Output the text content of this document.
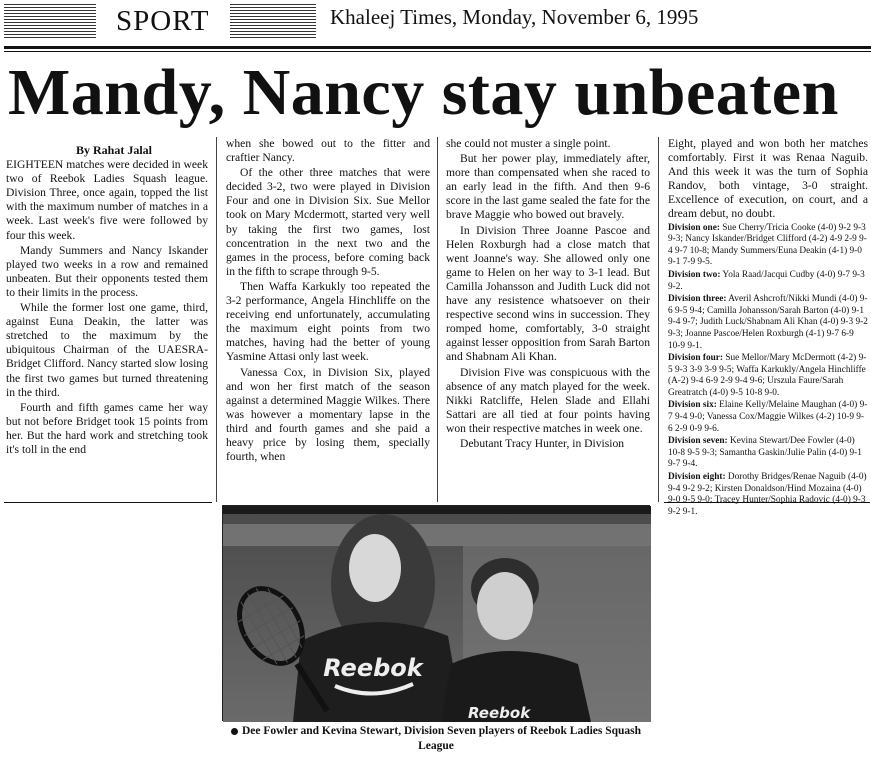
SPORT	Khaleej Times, Monday, November 6, 1995
Mandy, Nancy stay unbeaten

By Rahat Jalal

EIGHTEEN matches were decided in week two of Reebok Ladies Squash league. Division Three, once again, topped the list with the maximum number of matches in a week. Last week's five were followed by four this week.

Mandy Summers and Nancy Iskander played two weeks in a row and remained unbeaten. But their opponents tested them to their limits in the process.

While the former lost one game, third, against Euna Deakin, the latter was stretched to the maximum by the ubiquitous Chairman of the UAESRA-Bridget Clifford. Nancy started slow losing the first two games but turned threatening in the third.

Fourth and fifth games came her way but not before Bridget took 15 points from her. But the hard work and stretching took it's toll in the end

when she bowed out to the fitter and craftier Nancy.

Of the other three matches that were decided 3-2, two were played in Division Four and one in Division Six. Sue Mellor took on Mary Mcdermott, started very well by taking the first two games, lost concentration in the next two and the games in the process, before coming back in the fifth to scrape through 9-5.

Then Waffa Karkukly too repeated the 3-2 performance, Angela Hinchliffe on the receiving end unfortunately, accumulating the maximum eight points from two matches, having had the better of young Yasmine Attasi only last week.

Vanessa Cox, in Division Six, played and won her first match of the season against a determined Maggie Wilkes. There was however a momentary lapse in the third and fourth games and she paid a heavy price by losing them, specially fourth, when

she could not muster a single point.

But her power play, immediately after, more than compensated when she raced to an early lead in the fifth. And then 9-6 score in the last game sealed the fate for the brave Maggie who bowed out bravely.

In Division Three Joanne Pascoe and Helen Roxburgh had a close match that went Joanne's way. She allowed only one game to Helen on her way to 3-1 lead. But Camilla Johansson and Judith Luck did not have any resistence whatsoever on their respective second wins in succession. They romped home, comfortably, 3-0 straight against lesser opposition from Sarah Barton and Shabnam Ali Khan.

Division Five was conspicuous with the absence of any match played for the week. Nikki Ratcliffe, Helen Slade and Ellahi Sattari are all tied at four points having won their respective matches in week one.

Debutant Tracy Hunter, in Division

Eight, played and won both her matches comfortably. First it was Renaa Naguib. And this week it was the turn of Sophia Randov, both vintage, 3-0 straight. Excellence of execution, on court, and a dream debut, no doubt.

Division one: Sue Cherry/Tricia Cooke (4-0) 9-2 9-3 9-3; Nancy Iskander/Bridget Clifford (4-2) 4-9 2-9 9-4 9-7 10-8; Mandy Summers/Euna Deakin (4-1) 9-0 9-1 7-9 9-5.

Division two: Yola Raad/Jacqui Cudby (4-0) 9-7 9-3 9-2.

Division three: Averil Ashcroft/Nikki Mundi (4-0) 9-6 9-5 9-4; Camilla Johansson/Sarah Barton (4-0) 9-1 9-4 9-7; Judith Luck/Shabnam Ali Khan (4-0) 9-3 9-2 9-3; Joanne Pascoe/Helen Roxburgh (4-1) 9-7 6-9 10-9 9-1.

Division four: Sue Mellor/Mary McDermott (4-2) 9-5 9-3 3-9 3-9 9-5; Waffa Karkukly/Angela Hinchliffe (A-2) 9-4 6-9 2-9 9-4 9-6; Urszula Faure/Sarah Greatratch (4-0) 9-5 10-8 9-0.

Division six: Elaine Kelly/Melaine Maughan (4-0) 9-7 9-4 9-0; Vanessa Cox/Maggie Wilkes (4-2) 10-9 9-6 2-9 0-9 9-6.

Division seven: Kevina Stewart/Dee Fowler (4-0) 10-8 9-5 9-3; Samantha Gaskin/Julie Palin (4-0) 9-1 9-7 9-4.

Division eight: Dorothy Bridges/Renae Naguib (4-0) 9-4 9-2 9-2; Kirsten Donaldson/Hind Mozaina (4-0) 9-0 9-5 9-0; Tracey Hunter/Sophia Radovic (4-0) 9-3 9-2 9-1.

Reebok
Reebok
Dee Fowler and Kevina Stewart, Division Seven players of Reebok Ladies Squash League
